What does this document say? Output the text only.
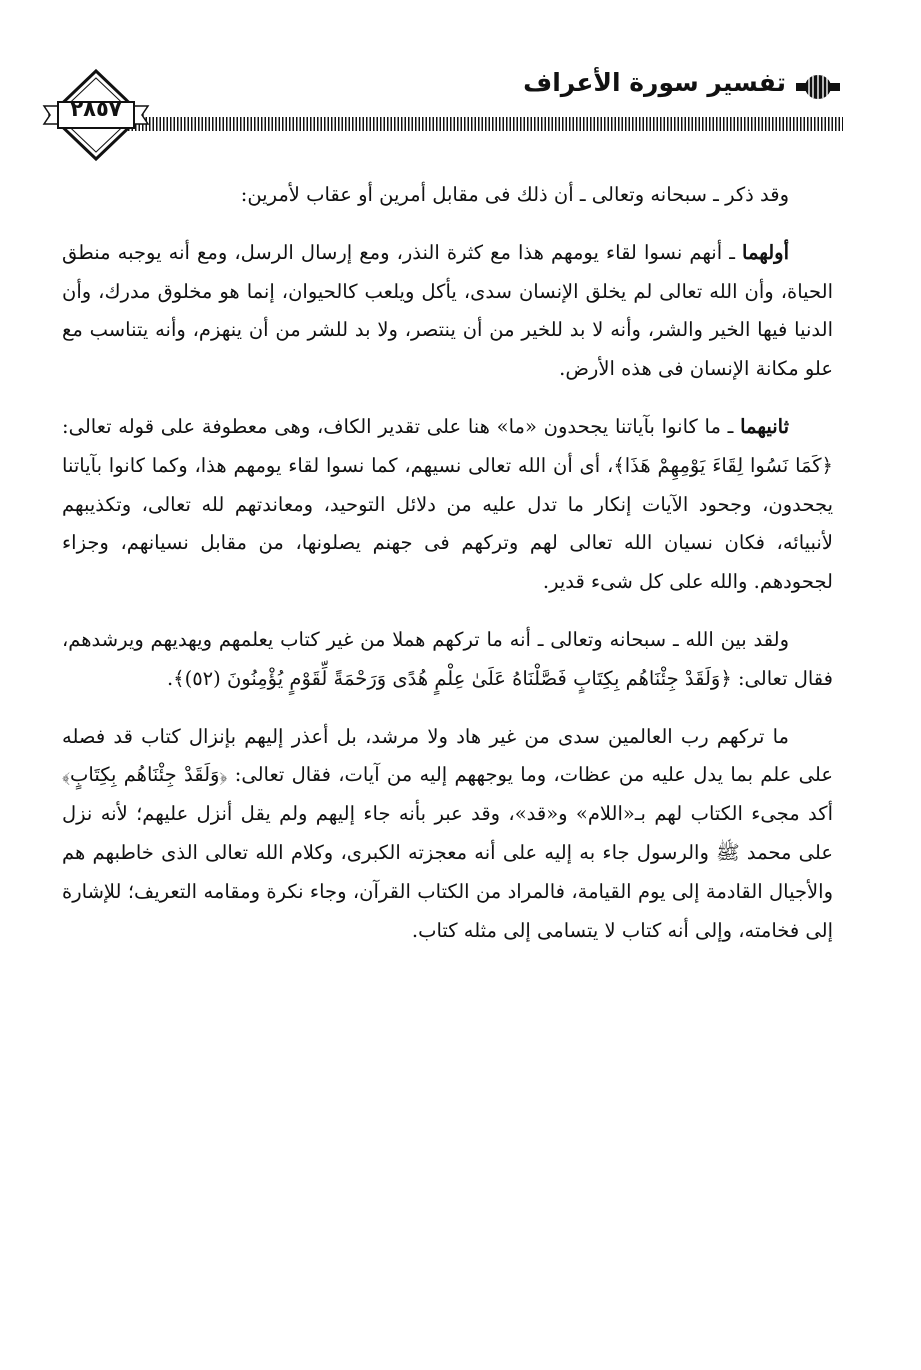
تفسير سورة الأعراف
٢٨٥٧

وقد ذكر ـ سبحانه وتعالى ـ أن ذلك فى مقابل أمرين أو عقاب لأمرين:

أولهما ـ أنهم نسوا لقاء يومهم هذا مع كثرة النذر، ومع إرسال الرسل، ومع أنه يوجبه منطق الحياة، وأن الله تعالى لم يخلق الإنسان سدى، يأكل ويلعب كالحيوان، إنما هو مخلوق مدرك، وأن الدنيا فيها الخير والشر، وأنه لا بد للخير من أن ينتصر، ولا بد للشر من أن ينهزم، وأنه يتناسب مع علو مكانة الإنسان فى هذه الأرض.

ثانيهما ـ ما كانوا بآياتنا يجحدون «ما» هنا على تقدير الكاف، وهى معطوفة على قوله تعالى: ﴿كَمَا نَسُوا لِقَاءَ يَوْمِهِمْ هَذَا﴾، أى أن الله تعالى نسيهم، كما نسوا لقاء يومهم هذا، وكما كانوا بآياتنا يجحدون، وجحود الآيات إنكار ما تدل عليه من دلائل التوحيد، ومعاندتهم لله تعالى، وتكذيبهم لأنبيائه، فكان نسيان الله تعالى لهم وتركهم فى جهنم يصلونها، من مقابل نسيانهم، وجزاء لجحودهم. والله على كل شىء قدير.

ولقد بين الله ـ سبحانه وتعالى ـ أنه ما تركهم هملا من غير كتاب يعلمهم ويهديهم ويرشدهم، فقال تعالى: ﴿وَلَقَدْ جِئْنَاهُم بِكِتَابٍ فَصَّلْنَاهُ عَلَىٰ عِلْمٍ هُدًى وَرَحْمَةً لِّقَوْمٍ يُؤْمِنُونَ (٥٢)﴾.

ما تركهم رب العالمين سدى من غير هاد ولا مرشد، بل أعذر إليهم بإنزال كتاب قد فصله على علم بما يدل عليه من عظات، وما يوجههم إليه من آيات، فقال تعالى: ﴿وَلَقَدْ جِئْنَاهُم بِكِتَابٍ﴾ أكد مجىء الكتاب لهم بـ«اللام» و«قد»، وقد عبر بأنه جاء إليهم ولم يقل أنزل عليهم؛ لأنه نزل على محمد ﷺ والرسول جاء به إليه على أنه معجزته الكبرى، وكلام الله تعالى الذى خاطبهم هم والأجيال القادمة إلى يوم القيامة، فالمراد من الكتاب القرآن، وجاء نكرة ومقامه التعريف؛ للإشارة إلى فخامته، وإلى أنه كتاب لا يتسامى إلى مثله كتاب.
